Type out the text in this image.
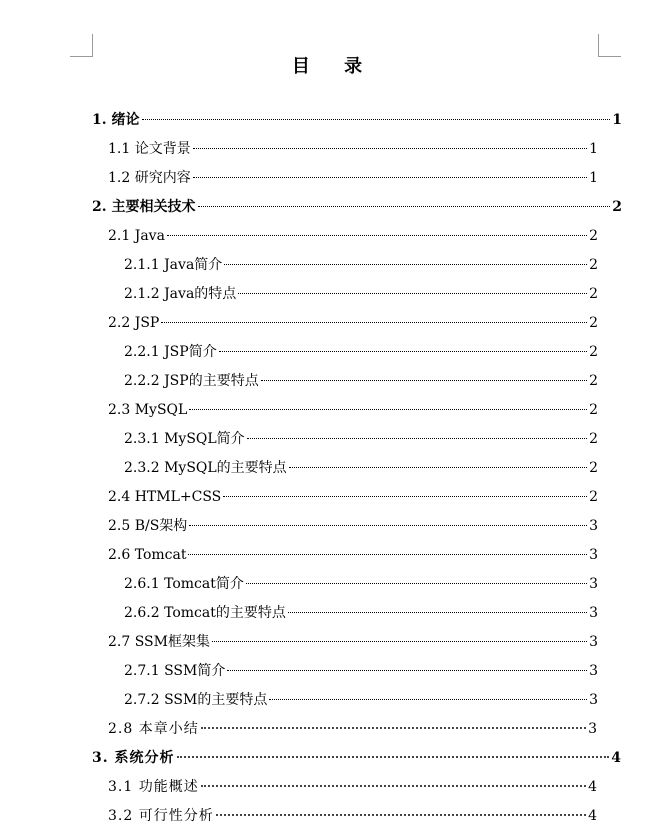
目 录
1. 绪论	1
1.1 论文背景	1
1.2 研究内容	1
2. 主要相关技术	2
2.1 Java	2
2.1.1 Java简介	2
2.1.2 Java的特点	2
2.2 JSP	2
2.2.1 JSP简介	2
2.2.2 JSP的主要特点	2
2.3 MySQL	2
2.3.1 MySQL简介	2
2.3.2 MySQL的主要特点	2
2.4 HTML+CSS	2
2.5 B/S架构	3
2.6 Tomcat	3
2.6.1 Tomcat简介	3
2.6.2 Tomcat的主要特点	3
2.7 SSM框架集	3
2.7.1 SSM简介	3
2.7.2 SSM的主要特点	3
2.8 本章小结	3
3. 系统分析	4
3.1 功能概述	4
3.2 可行性分析	4
